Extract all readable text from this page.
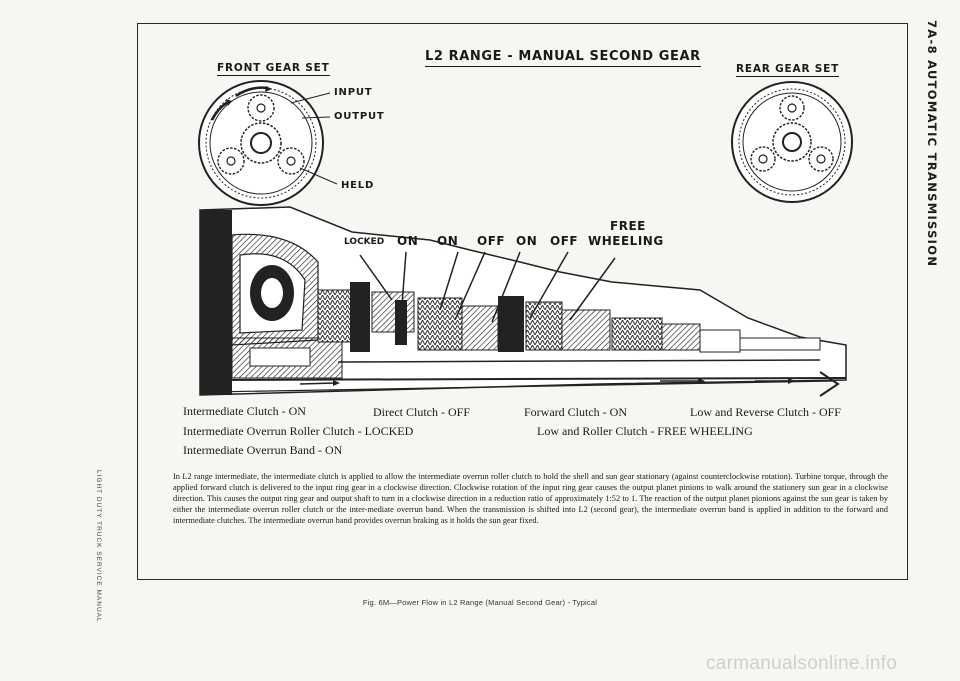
7A-8 AUTOMATIC TRANSMISSION
LIGHT DUTY TRUCK SERVICE MANUAL
L2 RANGE - MANUAL SECOND GEAR
FRONT GEAR SET	REAR GEAR SET
INPUT
OUTPUT
HELD
LOCKED ON ON OFF ON OFF
FREE
WHEELING
Intermediate Clutch - ON	Direct Clutch - OFF	Forward Clutch - ON	Low and Reverse Clutch - OFF
Intermediate Overrun Roller Clutch - LOCKED	Low and Roller Clutch - FREE WHEELING
Intermediate Overrun Band - ON
In L2 range intermediate, the intermediate clutch is applied to allow the intermediate overrun roller clutch to hold the shell and sun gear stationary (against counterclockwise rotation). Turbine torque, through the applied forward clutch is delivered to the input ring gear in a clockwise direction. Clockwise rotation of the input ring gear causes the output planet pinions to walk around the stationery sun gear in a clockwise direction. This causes the output ring gear and output shaft to turn in a clockwise direction in a reduction ratio of approximately 1:52 to 1. The reaction of the output planet pionions against the sun gear is taken by either the intermediate overrun roller clutch or the inter-mediate overrun band. When the transmission is shifted into L2 (second gear), the intermediate overrun band is applied in addition to the forward and intermediate clutches. The intermediate overrun band provides overrun braking as it holds the sun gear fixed.
Fig. 6M—Power Flow in L2 Range (Manual Second Gear) - Typical
carmanualsonline.info
